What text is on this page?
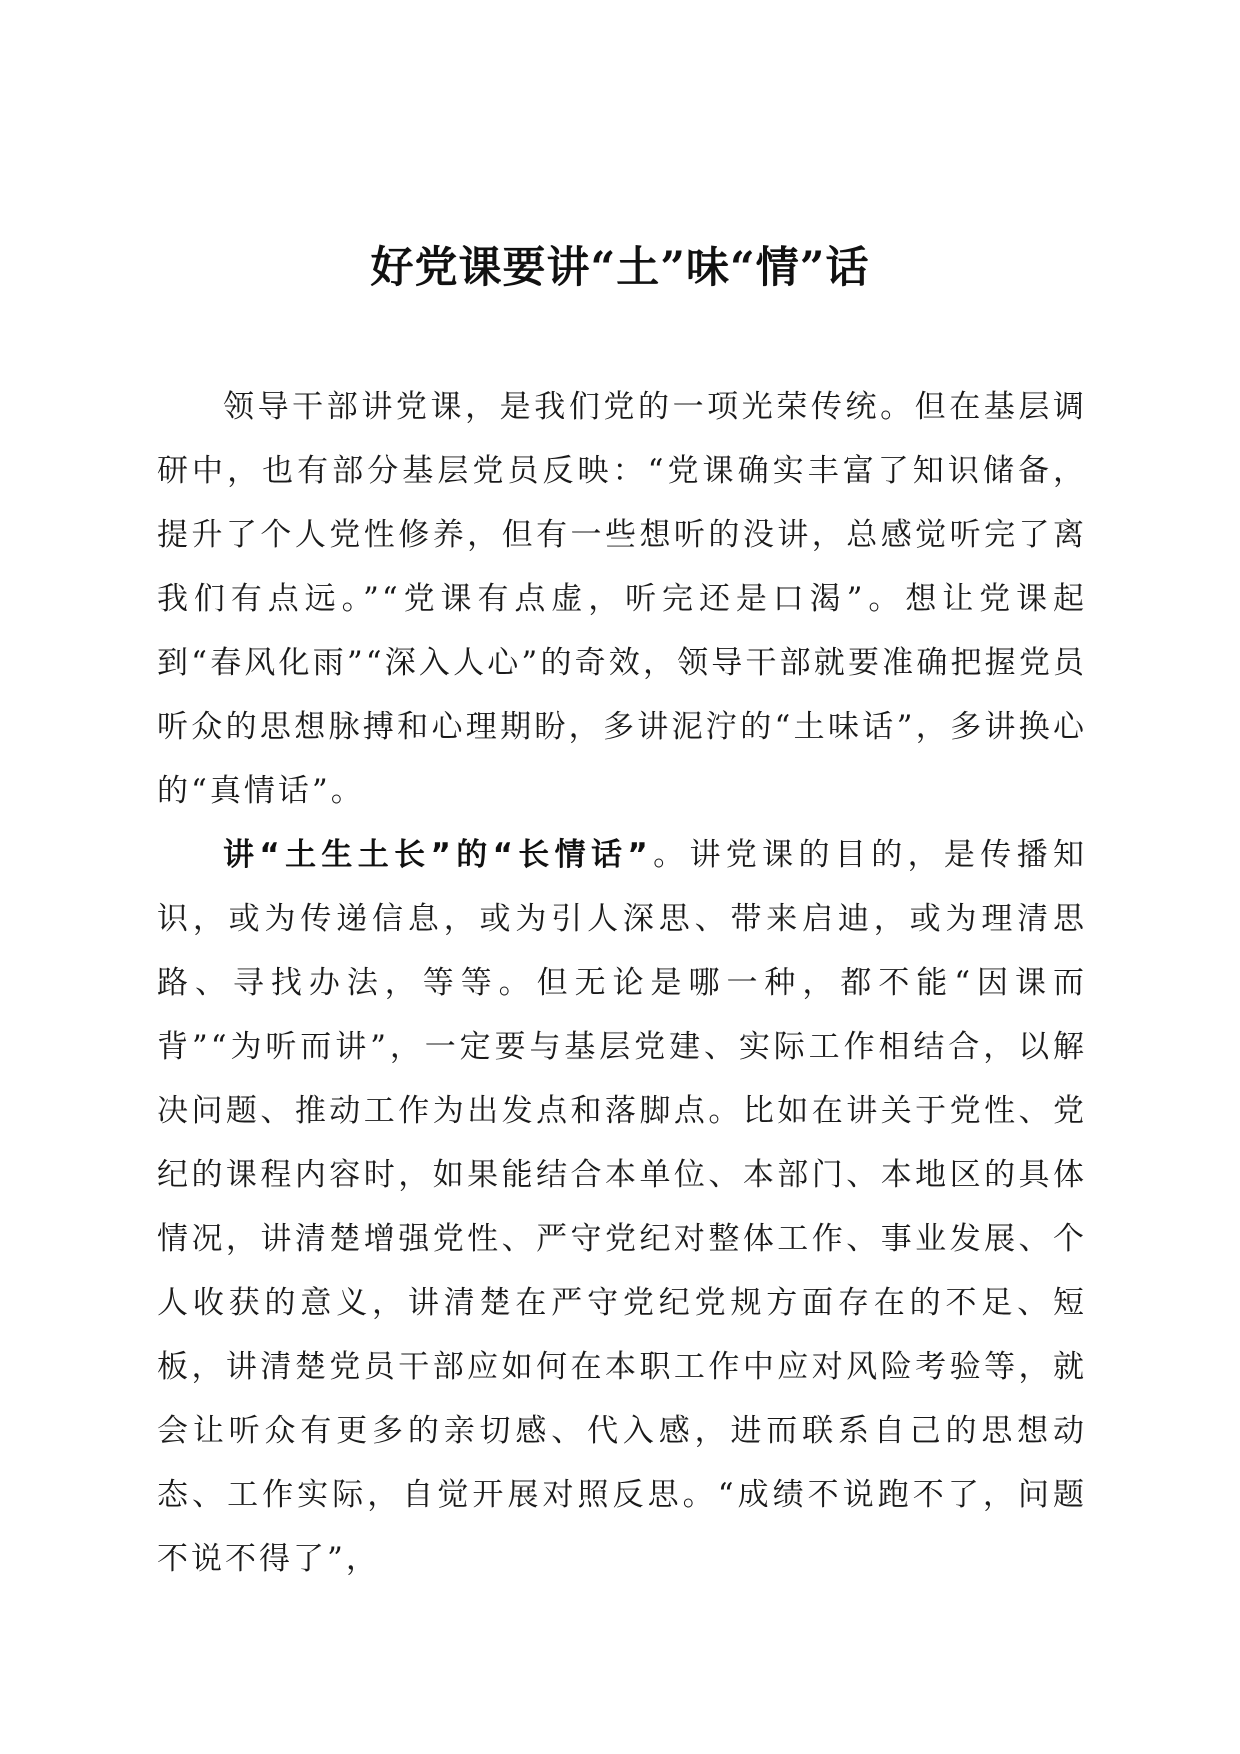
好党课要讲“土”味“情”话

领导干部讲党课，是我们党的一项光荣传统。但在基层调研中，也有部分基层党员反映：“党课确实丰富了知识储备，提升了个人党性修养，但有一些想听的没讲，总感觉听完了离我们有点远。”“党课有点虚，听完还是口渴”。想让党课起到“春风化雨”“深入人心”的奇效，领导干部就要准确把握党员听众的思想脉搏和心理期盼，多讲泥泞的“土味话”，多讲换心的“真情话”。

讲“土生土长”的“长情话”。讲党课的目的，是传播知识，或为传递信息，或为引人深思、带来启迪，或为理清思路、寻找办法，等等。但无论是哪一种，都不能“因课而背”“为听而讲”，一定要与基层党建、实际工作相结合，以解决问题、推动工作为出发点和落脚点。比如在讲关于党性、党纪的课程内容时，如果能结合本单位、本部门、本地区的具体情况，讲清楚增强党性、严守党纪对整体工作、事业发展、个人收获的意义，讲清楚在严守党纪党规方面存在的不足、短板，讲清楚党员干部应如何在本职工作中应对风险考验等，就会让听众有更多的亲切感、代入感，进而联系自己的思想动态、工作实际，自觉开展对照反思。“成绩不说跑不了，问题不说不得了”，
